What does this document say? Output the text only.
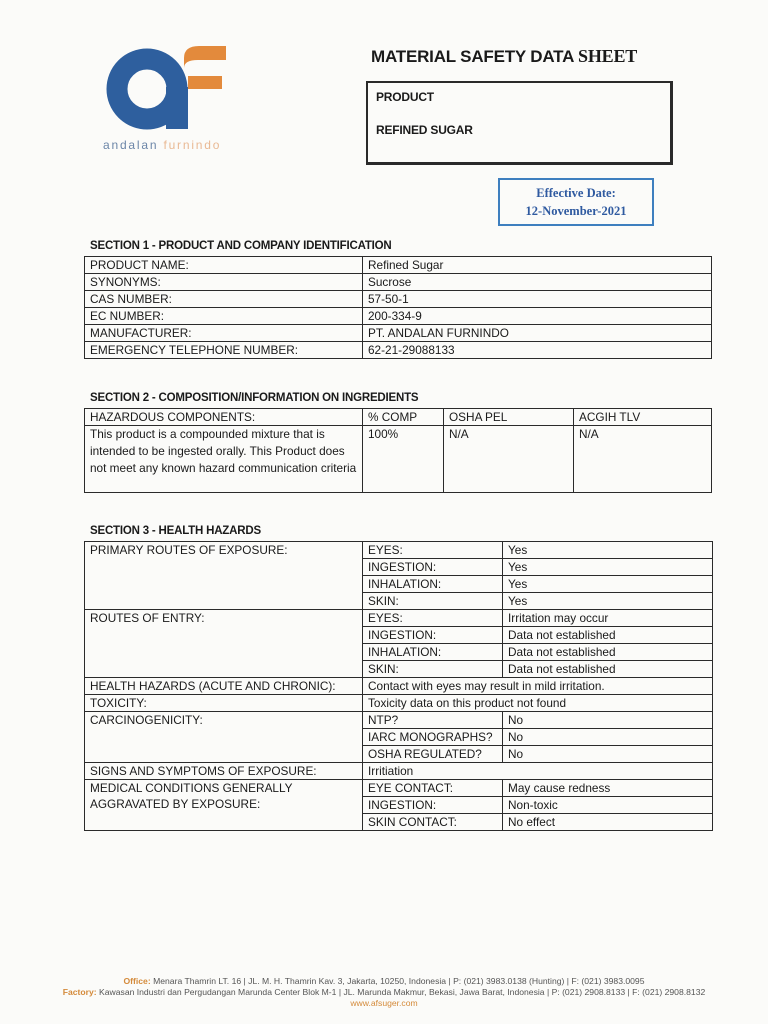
andalan furnindo
MATERIAL SAFETY DATA SHEET
PRODUCT
REFINED SUGAR
Effective Date:
12-November-2021
SECTION 1 - PRODUCT AND COMPANY IDENTIFICATION
PRODUCT NAME:	Refined Sugar
SYNONYMS:	Sucrose
CAS NUMBER:	57-50-1
EC NUMBER:	200-334-9
MANUFACTURER:	PT. ANDALAN FURNINDO
EMERGENCY TELEPHONE NUMBER:	62-21-29088133
SECTION 2 - COMPOSITION/INFORMATION ON INGREDIENTS
HAZARDOUS COMPONENTS:	% COMP	OSHA PEL	ACGIH TLV
This product is a compounded mixture that is intended to be ingested orally. This Product does not meet any known hazard communication criteria	100%	N/A	N/A
SECTION 3 - HEALTH HAZARDS
PRIMARY ROUTES OF EXPOSURE:	EYES:	Yes
	INGESTION:	Yes
	INHALATION:	Yes
	SKIN:	Yes
ROUTES OF ENTRY:	EYES:	Irritation may occur
	INGESTION:	Data not established
	INHALATION:	Data not established
	SKIN:	Data not established
HEALTH HAZARDS (ACUTE AND CHRONIC):	Contact with eyes may result in mild irritation.	
TOXICITY:	Toxicity data on this product not found	
CARCINOGENICITY:	NTP?	No
	IARC MONOGRAPHS?	No
	OSHA REGULATED?	No
SIGNS AND SYMPTOMS OF EXPOSURE:	Irritiation	
MEDICAL CONDITIONS GENERALLY AGGRAVATED BY EXPOSURE:	EYE CONTACT:	May cause redness
	INGESTION:	Non-toxic
	SKIN CONTACT:	No effect
Office: Menara Thamrin LT. 16 | JL. M. H. Thamrin Kav. 3, Jakarta, 10250, Indonesia | P: (021) 3983.0138 (Hunting) | F: (021) 3983.0095
Factory: Kawasan Industri dan Pergudangan Marunda Center Blok M-1 | JL. Marunda Makmur, Bekasi, Jawa Barat, Indonesia | P: (021) 2908.8133 | F: (021) 2908.8132
www.afsuger.com
